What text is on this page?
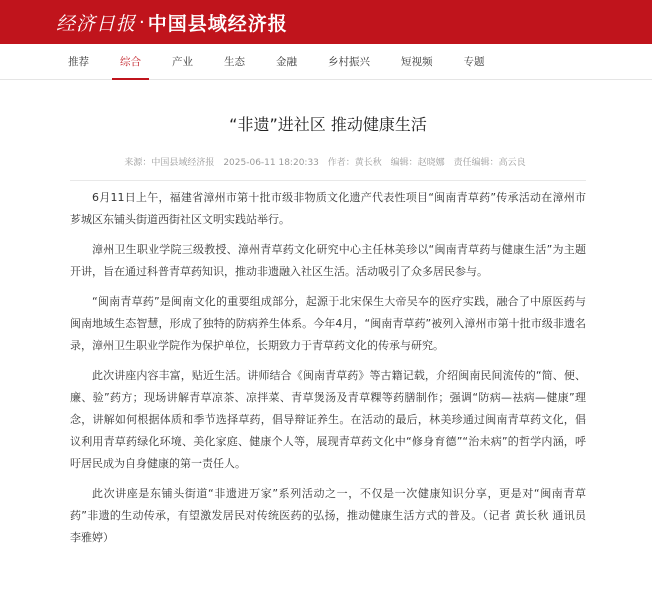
经济日报 · 中国县域经济报
推荐	综合	产业	生态	金融	乡村振兴	短视频	专题
“非遗”进社区 推动健康生活
来源：中国县域经济报 2025-06-11 18:20:33 作者：黄长秋 编辑：赵晓娜 责任编辑：高云良

6月11日上午，福建省漳州市第十批市级非物质文化遗产代表性项目“闽南青草药”传承活动在漳州市芗城区东铺头街道西街社区文明实践站举行。

漳州卫生职业学院三级教授、漳州青草药文化研究中心主任林美珍以“闽南青草药与健康生活”为主题开讲，旨在通过科普青草药知识，推动非遗融入社区生活。活动吸引了众多居民参与。

“闽南青草药”是闽南文化的重要组成部分，起源于北宋保生大帝吴夲的医疗实践，融合了中原医药与闽南地域生态智慧，形成了独特的防病养生体系。今年4月，“闽南青草药”被列入漳州市第十批市级非遗名录，漳州卫生职业学院作为保护单位，长期致力于青草药文化的传承与研究。

此次讲座内容丰富，贴近生活。讲师结合《闽南青草药》等古籍记载，介绍闽南民间流传的“简、便、廉、验”药方；现场讲解青草凉茶、凉拌菜、青草煲汤及青草粿等药膳制作；强调“防病—祛病—健康”理念，讲解如何根据体质和季节选择草药，倡导辩证养生。在活动的最后，林美珍通过闽南青草药文化，倡议利用青草药绿化环境、美化家庭、健康个人等，展现青草药文化中“修身育德”“治未病”的哲学内涵，呼吁居民成为自身健康的第一责任人。

此次讲座是东铺头街道“非遗进万家”系列活动之一，不仅是一次健康知识分享，更是对“闽南青草药”非遗的生动传承，有望激发居民对传统医药的弘扬，推动健康生活方式的普及。（记者 黄长秋 通讯员 李雅婷）
